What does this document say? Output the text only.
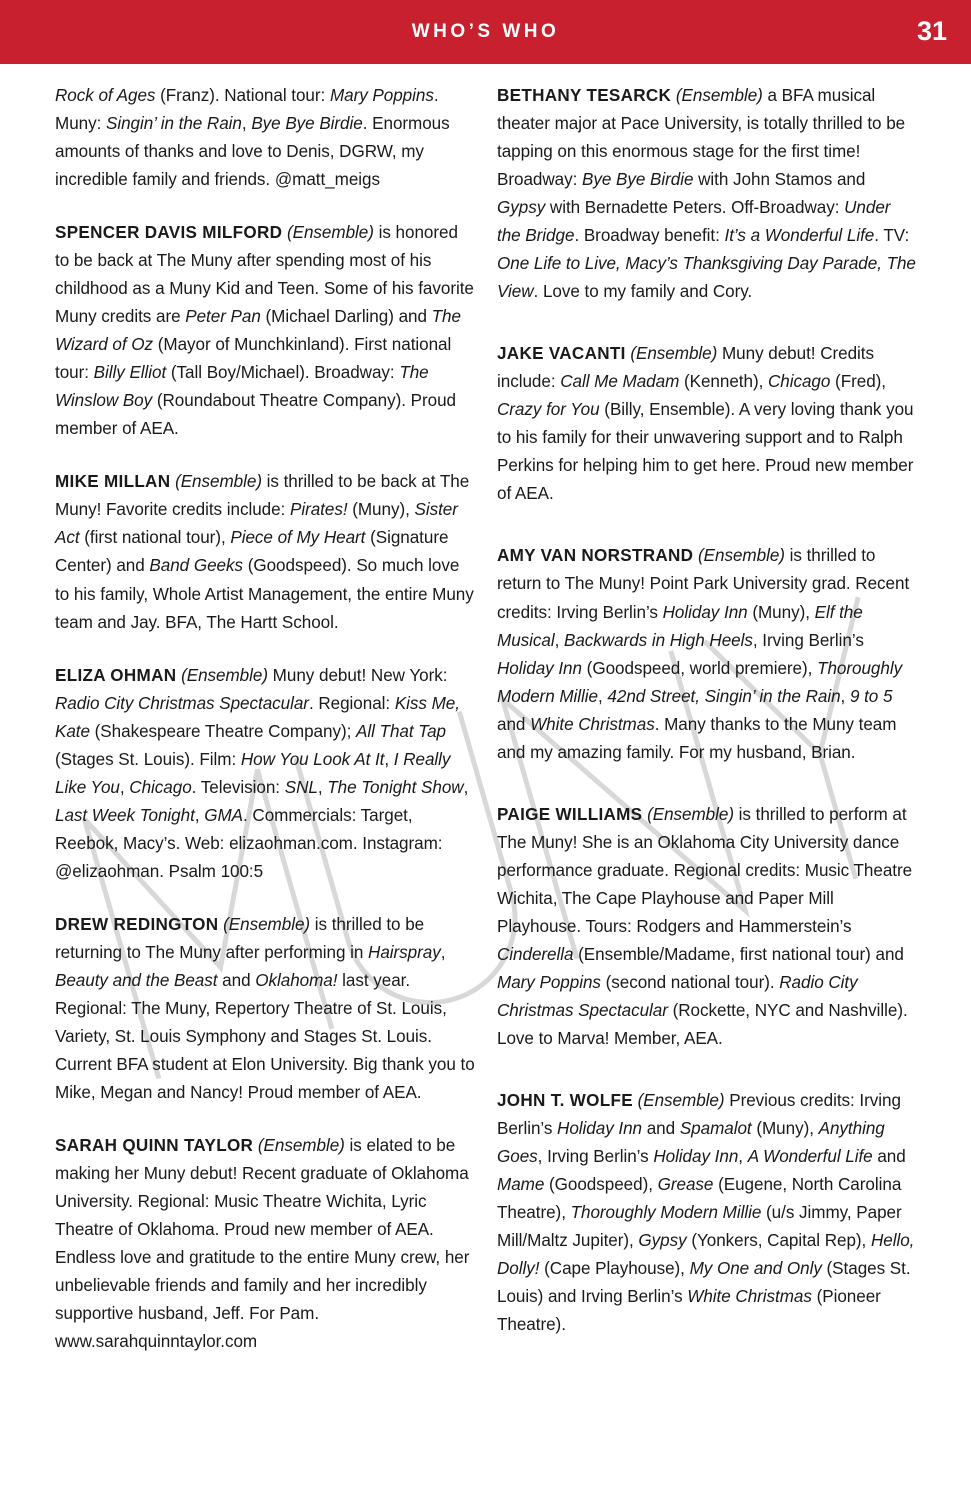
WHO’S WHO	31

Rock of Ages (Franz). National tour: Mary Poppins. Muny: Singin’ in the Rain, Bye Bye Birdie. Enormous amounts of thanks and love to Denis, DGRW, my incredible family and friends. @matt_meigs

SPENCER DAVIS MILFORD (Ensemble) is honored to be back at The Muny after spending most of his childhood as a Muny Kid and Teen. Some of his favorite Muny credits are Peter Pan (Michael Darling) and The Wizard of Oz (Mayor of Munchkinland). First national tour: Billy Elliot (Tall Boy/Michael). Broadway: The Winslow Boy (Roundabout Theatre Company). Proud member of AEA.

MIKE MILLAN (Ensemble) is thrilled to be back at The Muny! Favorite credits include: Pirates! (Muny), Sister Act (first national tour), Piece of My Heart (Signature Center) and Band Geeks (Goodspeed). So much love to his family, Whole Artist Management, the entire Muny team and Jay. BFA, The Hartt School.

ELIZA OHMAN (Ensemble) Muny debut! New York: Radio City Christmas Spectacular. Regional: Kiss Me, Kate (Shakespeare Theatre Company); All That Tap (Stages St. Louis). Film: How You Look At It, I Really Like You, Chicago. Television: SNL, The Tonight Show, Last Week Tonight, GMA. Commercials: Target, Reebok, Macy’s. Web: elizaohman.com. Instagram: @elizaohman. Psalm 100:5

DREW REDINGTON (Ensemble) is thrilled to be returning to The Muny after performing in Hairspray, Beauty and the Beast and Oklahoma! last year. Regional: The Muny, Repertory Theatre of St. Louis, Variety, St. Louis Symphony and Stages St. Louis. Current BFA student at Elon University. Big thank you to Mike, Megan and Nancy! Proud member of AEA.

SARAH QUINN TAYLOR (Ensemble) is elated to be making her Muny debut! Recent graduate of Oklahoma University. Regional: Music Theatre Wichita, Lyric Theatre of Oklahoma. Proud new member of AEA. Endless love and gratitude to the entire Muny crew, her unbelievable friends and family and her incredibly supportive husband, Jeff. For Pam. www.sarahquinntaylor.com

BETHANY TESARCK (Ensemble) a BFA musical theater major at Pace University, is totally thrilled to be tapping on this enormous stage for the first time! Broadway: Bye Bye Birdie with John Stamos and Gypsy with Bernadette Peters. Off-Broadway: Under the Bridge. Broadway benefit: It’s a Wonderful Life. TV: One Life to Live, Macy’s Thanksgiving Day Parade, The View. Love to my family and Cory.

JAKE VACANTI (Ensemble) Muny debut! Credits include: Call Me Madam (Kenneth), Chicago (Fred), Crazy for You (Billy, Ensemble). A very loving thank you to his family for their unwavering support and to Ralph Perkins for helping him to get here. Proud new member of AEA.

AMY VAN NORSTRAND (Ensemble) is thrilled to return to The Muny! Point Park University grad. Recent credits: Irving Berlin’s Holiday Inn (Muny), Elf the Musical, Backwards in High Heels, Irving Berlin’s Holiday Inn (Goodspeed, world premiere), Thoroughly Modern Millie, 42nd Street, Singin’ in the Rain, 9 to 5 and White Christmas. Many thanks to the Muny team and my amazing family. For my husband, Brian.

PAIGE WILLIAMS (Ensemble) is thrilled to perform at The Muny! She is an Oklahoma City University dance performance graduate. Regional credits: Music Theatre Wichita, The Cape Playhouse and Paper Mill Playhouse. Tours: Rodgers and Hammerstein’s Cinderella (Ensemble/Madame, first national tour) and Mary Poppins (second national tour). Radio City Christmas Spectacular (Rockette, NYC and Nashville). Love to Marva! Member, AEA.

JOHN T. WOLFE (Ensemble) Previous credits: Irving Berlin’s Holiday Inn and Spamalot (Muny), Anything Goes, Irving Berlin’s Holiday Inn, A Wonderful Life and Mame (Goodspeed), Grease (Eugene, North Carolina Theatre), Thoroughly Modern Millie (u/s Jimmy, Paper Mill/Maltz Jupiter), Gypsy (Yonkers, Capital Rep), Hello, Dolly! (Cape Playhouse), My One and Only (Stages St. Louis) and Irving Berlin’s White Christmas (Pioneer Theatre).
